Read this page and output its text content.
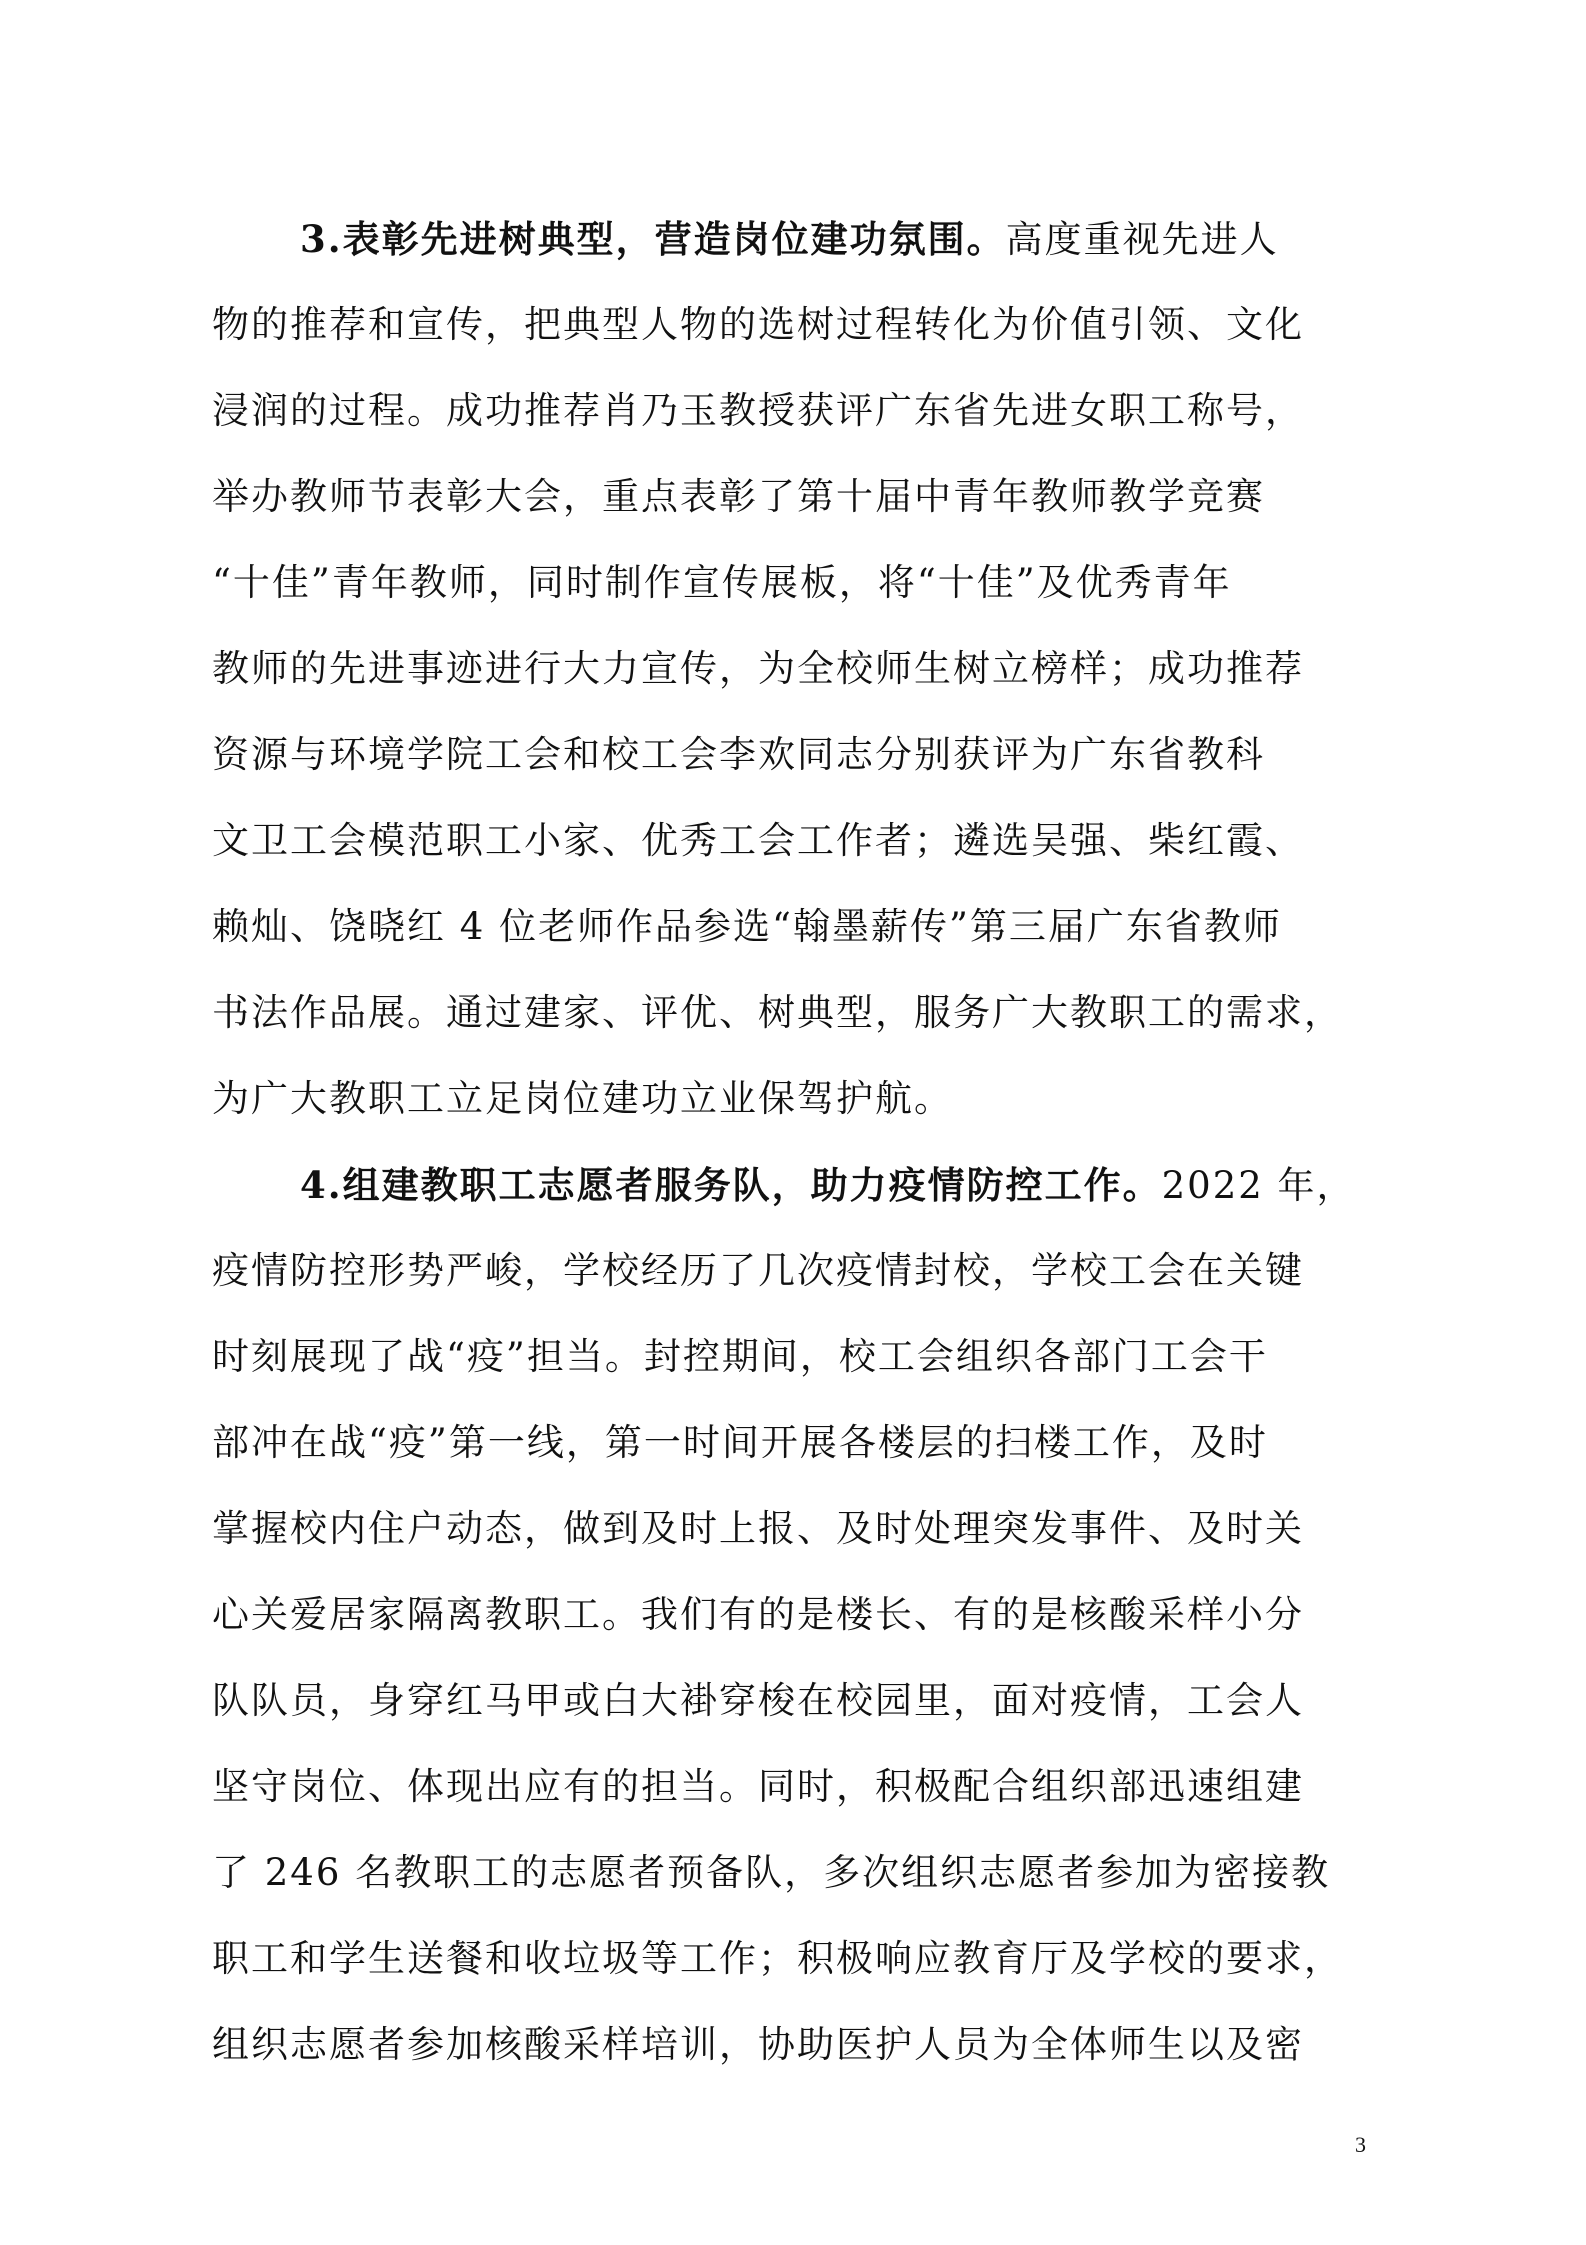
3.表彰先进树典型，营造岗位建功氛围。高度重视先进人
物的推荐和宣传，把典型人物的选树过程转化为价值引领、文化
浸润的过程。成功推荐肖乃玉教授获评广东省先进女职工称号，
举办教师节表彰大会，重点表彰了第十届中青年教师教学竞赛
“十佳”青年教师，同时制作宣传展板，将“十佳”及优秀青年
教师的先进事迹进行大力宣传，为全校师生树立榜样；成功推荐
资源与环境学院工会和校工会李欢同志分别获评为广东省教科
文卫工会模范职工小家、优秀工会工作者；遴选吴强、柴红霞、
赖灿、饶晓红 4 位老师作品参选“翰墨薪传”第三届广东省教师
书法作品展。通过建家、评优、树典型，服务广大教职工的需求，
为广大教职工立足岗位建功立业保驾护航。
4.组建教职工志愿者服务队，助力疫情防控工作。2022 年，
疫情防控形势严峻，学校经历了几次疫情封校，学校工会在关键
时刻展现了战“疫”担当。封控期间，校工会组织各部门工会干
部冲在战“疫”第一线，第一时间开展各楼层的扫楼工作，及时
掌握校内住户动态，做到及时上报、及时处理突发事件、及时关
心关爱居家隔离教职工。我们有的是楼长、有的是核酸采样小分
队队员，身穿红马甲或白大褂穿梭在校园里，面对疫情，工会人
坚守岗位、体现出应有的担当。同时，积极配合组织部迅速组建
了 246 名教职工的志愿者预备队，多次组织志愿者参加为密接教
职工和学生送餐和收垃圾等工作；积极响应教育厅及学校的要求，
组织志愿者参加核酸采样培训，协助医护人员为全体师生以及密
3
